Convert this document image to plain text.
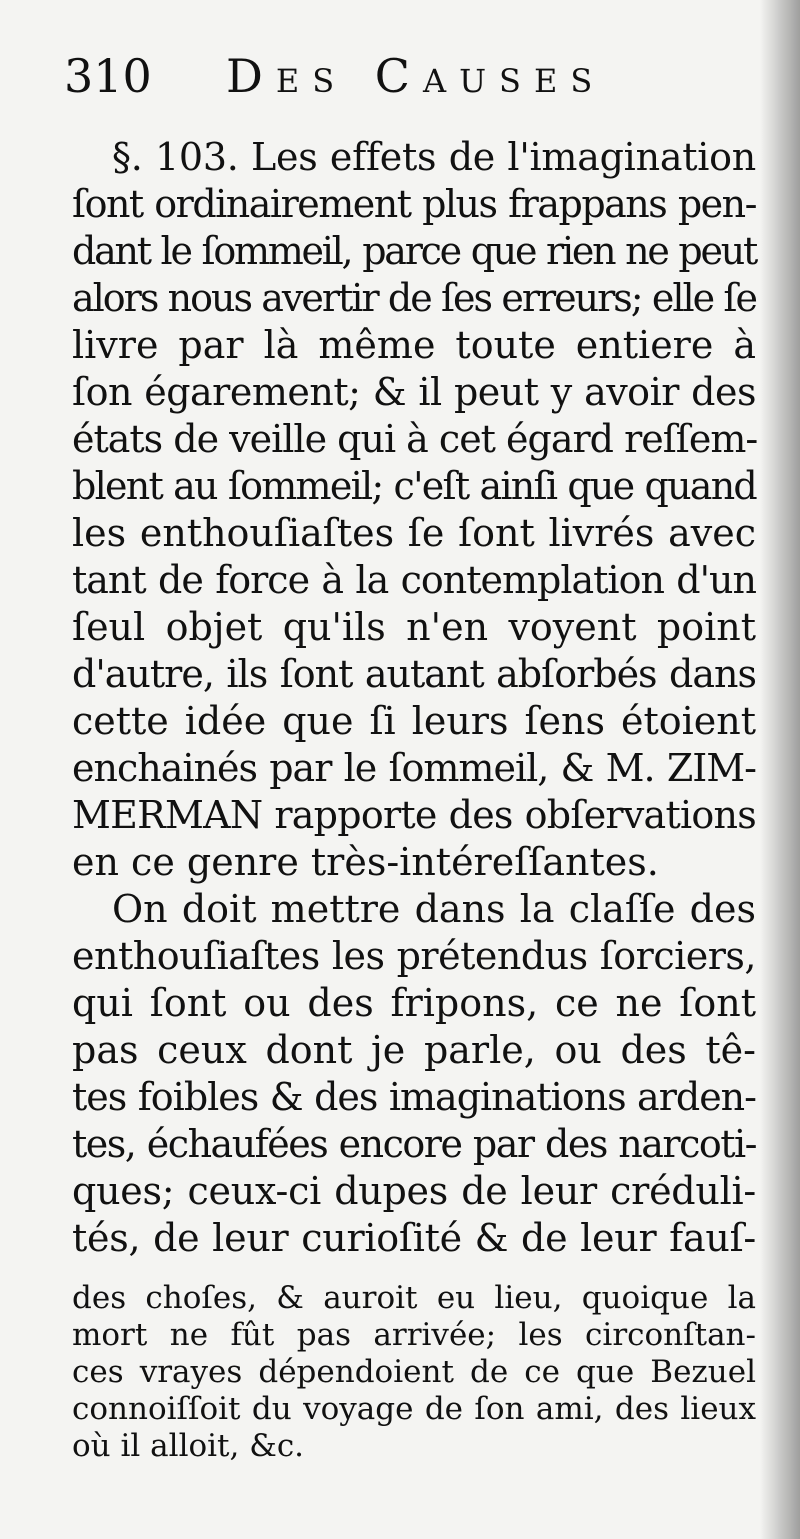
310 Des Causes
§. 103. Les effets de l'imagination
ſont ordinairement plus frappans pen-
dant le ſommeil, parce que rien ne peut
alors nous avertir de ſes erreurs; elle ſe
livre par là même toute entiere à
ſon égarement; & il peut y avoir des
états de veille qui à cet égard reſſem-
blent au ſommeil; c'eſt ainſi que quand
les enthouſiaſtes ſe ſont livrés avec
tant de force à la contemplation d'un
ſeul objet qu'ils n'en voyent point
d'autre, ils ſont autant abſorbés dans
cette idée que ſi leurs ſens étoient
enchainés par le ſommeil, & M. ZIM-
MERMAN rapporte des obſervations
en ce genre très-intéreſſantes.
On doit mettre dans la claſſe des
enthouſiaſtes les prétendus ſorciers,
qui ſont ou des fripons, ce ne ſont
pas ceux dont je parle, ou des tê-
tes foibles & des imaginations arden-
tes, échaufées encore par des narcoti-
ques; ceux-ci dupes de leur créduli-
tés, de leur curioſité & de leur fauſ-
des choſes, & auroit eu lieu, quoique la
mort ne fût pas arrivée; les circonſtan-
ces vrayes dépendoient de ce que Bezuel
connoiſſoit du voyage de ſon ami, des lieux
où il alloit, &c.
